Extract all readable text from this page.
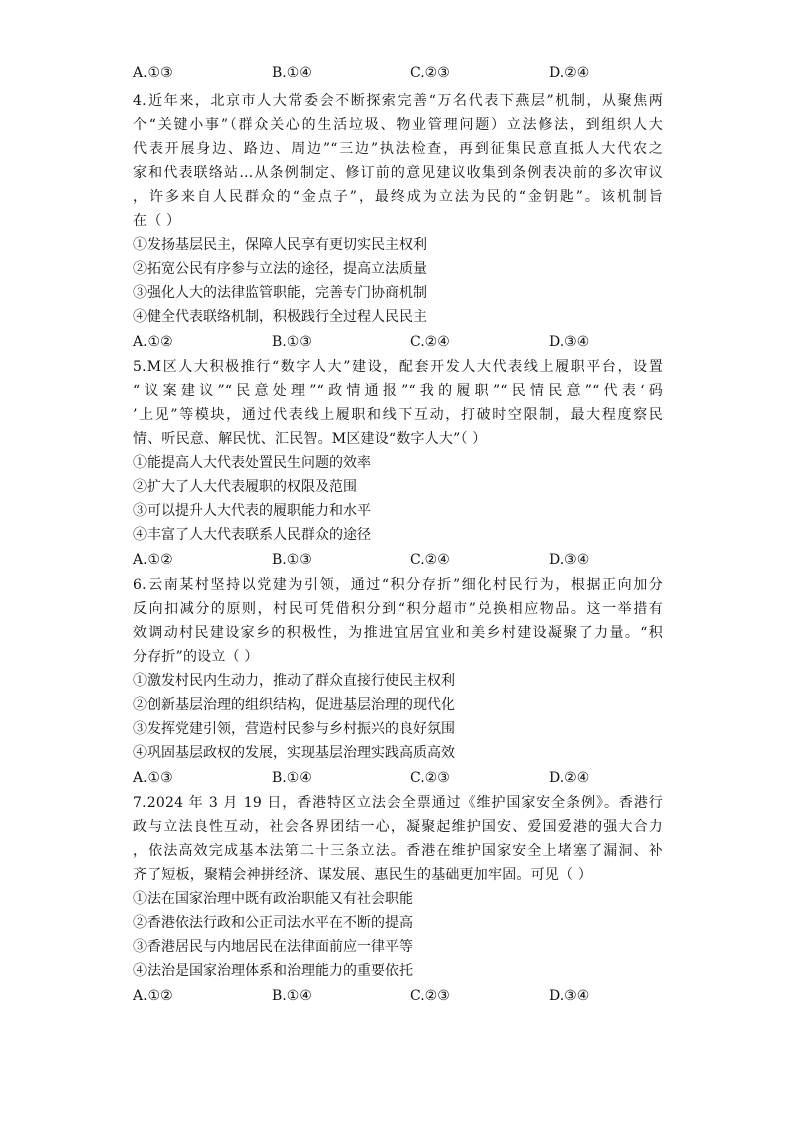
A.①③	B.①④	C.②③	D.②④
4.近年来，北京市人大常委会不断探索完善“万名代表下燕层”机制，从聚焦两
个“关键小事”（群众关心的生活垃圾、物业管理问题）立法修法，到组织人大
代表开展身边、路边、周边”“三边”执法检查，再到征集民意直抵人大代农之
家和代表联络站…从条例制定、修订前的意见建议收集到条例表决前的多次审议
，许多来自人民群众的“金点子”，最终成为立法为民的“金钥匙”。该机制旨
在（ ）
①发扬基层民主，保障人民享有更切实民主权利
②拓宽公民有序参与立法的途径，提高立法质量
③强化人大的法律监管职能，完善专门协商机制
④健全代表联络机制，积极践行全过程人民民主
A.①②	B.①③	C.②④	D.③④
5.M区人大积极推行“数字人大”建设，配套开发人大代表线上履职平台，设置
“议案建议”“民意处理”“政情通报”“我的履职”“民情民意”“代表‘码
’上见”等模块，通过代表线上履职和线下互动，打破时空限制，最大程度察民
情、听民意、解民忧、汇民智。M区建设“数字人大”（ ）
①能提高人大代表处置民生问题的效率
②扩大了人大代表履职的权限及范围
③可以提升人大代表的履职能力和水平
④丰富了人大代表联系人民群众的途径
A.①②	B.①③	C.②④	D.③④
6.云南某村坚持以党建为引领，通过“积分存折”细化村民行为，根据正向加分
反向扣减分的原则，村民可凭借积分到“积分超市”兑换相应物品。这一举措有
效调动村民建设家乡的积极性，为推进宜居宜业和美乡村建设凝聚了力量。“积
分存折”的设立（ ）
①激发村民内生动力，推动了群众直接行使民主权利
②创新基层治理的组织结构，促进基层治理的现代化
③发挥党建引领，营造村民参与乡村振兴的良好氛围
④巩固基层政权的发展，实现基层治理实践高质高效
A.①③	B.①④	C.②③	D.②④
7.2024 年 3 月 19 日，香港特区立法会全票通过《维护国家安全条例》。香港行
政与立法良性互动，社会各界团结一心，凝聚起维护国安、爱国爱港的强大合力
，依法高效完成基本法第二十三条立法。香港在维护国家安全上堵塞了漏洞、补
齐了短板，聚精会神拼经济、谋发展、惠民生的基础更加牢固。可见（ ）
①法在国家治理中既有政治职能又有社会职能
②香港依法行政和公正司法水平在不断的提高
③香港居民与内地居民在法律面前应一律平等
④法治是国家治理体系和治理能力的重要依托
A.①②	B.①④	C.②③	D.③④
